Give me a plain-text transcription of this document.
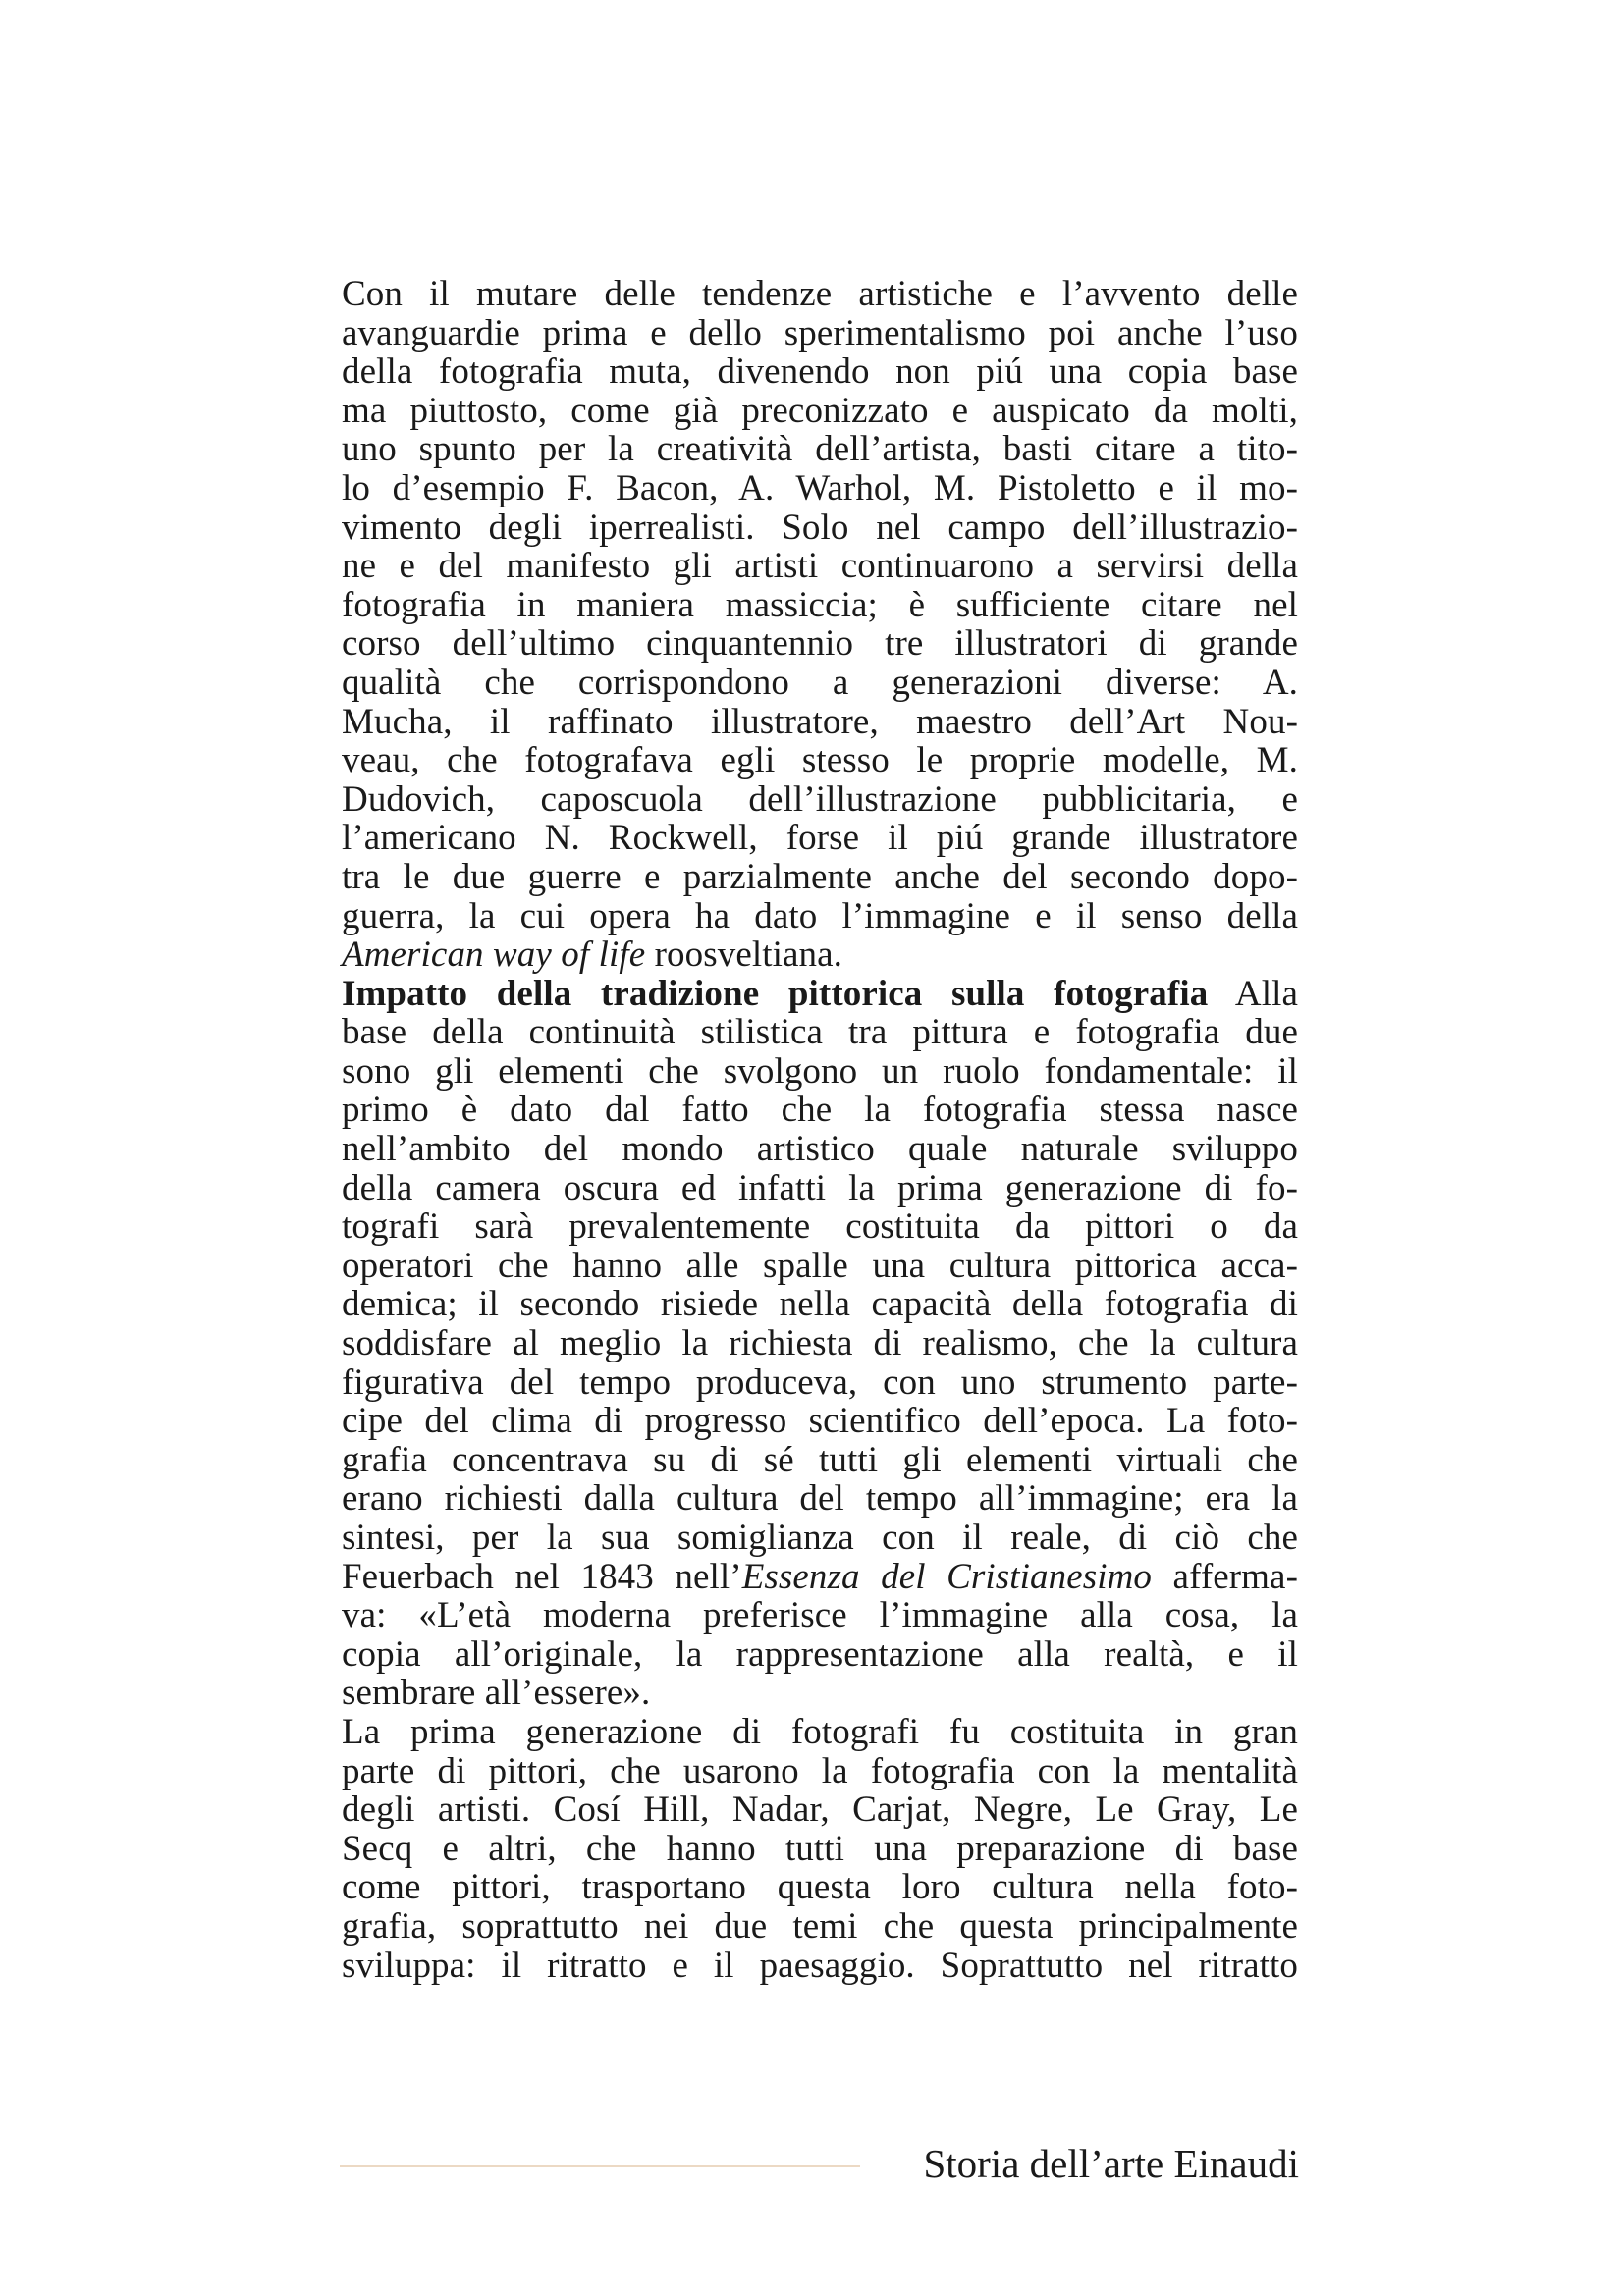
Con il mutare delle tendenze artistiche e l’avvento delle
avanguardie prima e dello sperimentalismo poi anche l’uso
della fotografia muta, divenendo non piú una copia base
ma piuttosto, come già preconizzato e auspicato da molti,
uno spunto per la creatività dell’artista, basti citare a tito-
lo d’esempio F. Bacon, A. Warhol, M. Pistoletto e il mo-
vimento degli iperrealisti. Solo nel campo dell’illustrazio-
ne e del manifesto gli artisti continuarono a servirsi della
fotografia in maniera massiccia; è sufficiente citare nel
corso dell’ultimo cinquantennio tre illustratori di grande
qualità che corrispondono a generazioni diverse: A.
Mucha, il raffinato illustratore, maestro dell’Art Nou-
veau, che fotografava egli stesso le proprie modelle, M.
Dudovich, caposcuola dell’illustrazione pubblicitaria, e
l’americano N. Rockwell, forse il piú grande illustratore
tra le due guerre e parzialmente anche del secondo dopo-
guerra, la cui opera ha dato l’immagine e il senso della
American way of life roosveltiana.
Impatto della tradizione pittorica sulla fotografia Alla
base della continuità stilistica tra pittura e fotografia due
sono gli elementi che svolgono un ruolo fondamentale: il
primo è dato dal fatto che la fotografia stessa nasce
nell’ambito del mondo artistico quale naturale sviluppo
della camera oscura ed infatti la prima generazione di fo-
tografi sarà prevalentemente costituita da pittori o da
operatori che hanno alle spalle una cultura pittorica acca-
demica; il secondo risiede nella capacità della fotografia di
soddisfare al meglio la richiesta di realismo, che la cultura
figurativa del tempo produceva, con uno strumento parte-
cipe del clima di progresso scientifico dell’epoca. La foto-
grafia concentrava su di sé tutti gli elementi virtuali che
erano richiesti dalla cultura del tempo all’immagine; era la
sintesi, per la sua somiglianza con il reale, di ciò che
Feuerbach nel 1843 nell’Essenza del Cristianesimo afferma-
va: «L’età moderna preferisce l’immagine alla cosa, la
copia all’originale, la rappresentazione alla realtà, e il
sembrare all’essere».
La prima generazione di fotografi fu costituita in gran
parte di pittori, che usarono la fotografia con la mentalità
degli artisti. Cosí Hill, Nadar, Carjat, Negre, Le Gray, Le
Secq e altri, che hanno tutti una preparazione di base
come pittori, trasportano questa loro cultura nella foto-
grafia, soprattutto nei due temi che questa principalmente
sviluppa: il ritratto e il paesaggio. Soprattutto nel ritratto
Storia dell’arte Einaudi
